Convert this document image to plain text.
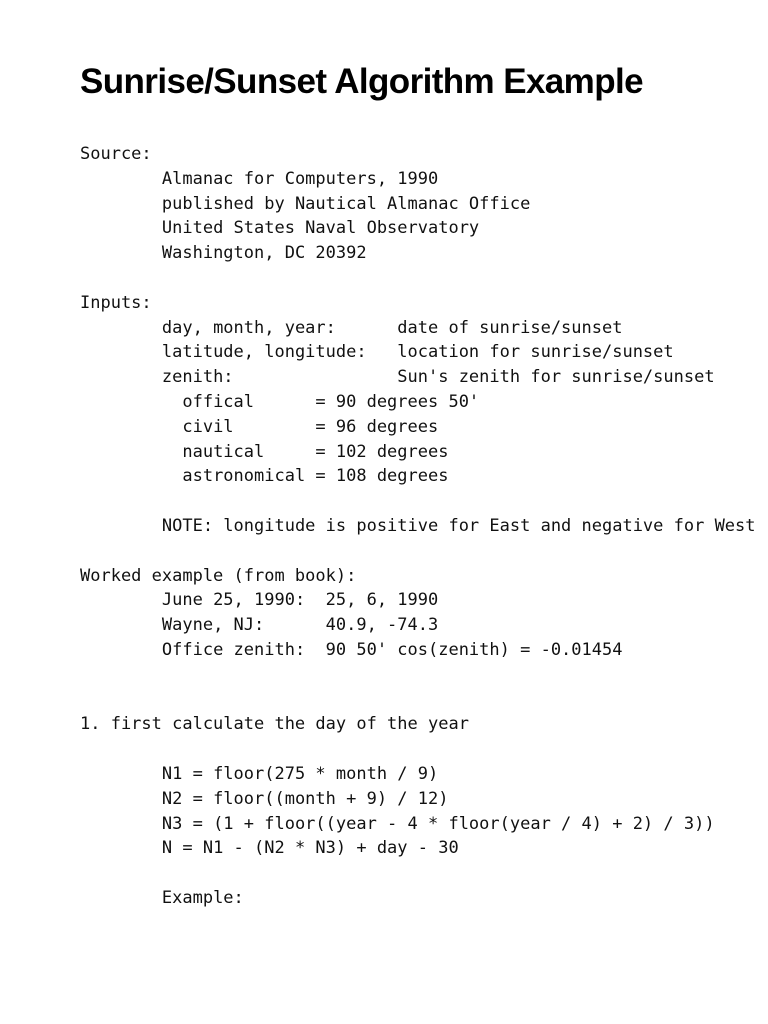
Sunrise/Sunset Algorithm Example
Source:
	Almanac for Computers, 1990
	published by Nautical Almanac Office
	United States Naval Observatory
	Washington, DC 20392
Inputs:
	day, month, year:      date of sunrise/sunset
	latitude, longitude:   location for sunrise/sunset
	zenith:                Sun's zenith for sunrise/sunset
	offical      = 90 degrees 50'
	civil        = 96 degrees
	nautical     = 102 degrees
	astronomical = 108 degrees
	NOTE: longitude is positive for East and negative for West
Worked example (from book):
	June 25, 1990:  25, 6, 1990
	Wayne, NJ:      40.9, -74.3
	Office zenith:  90 50' cos(zenith) = -0.01454
1. first calculate the day of the year
	N1 = floor(275 * month / 9)
	N2 = floor((month + 9) / 12)
	N3 = (1 + floor((year - 4 * floor(year / 4) + 2) / 3))
	N = N1 - (N2 * N3) + day - 30
	Example:
